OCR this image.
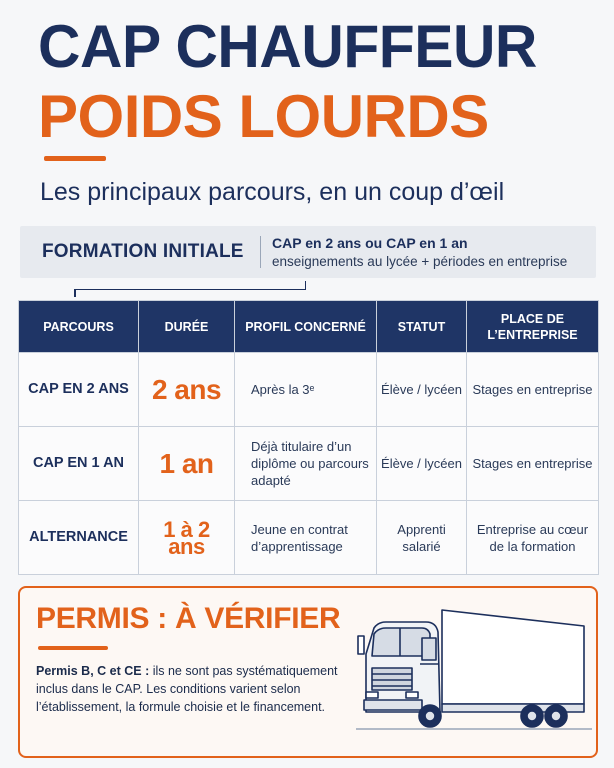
CAP CHAUFFEUR
POIDS LOURDS
Les principaux parcours, en un coup d’œil
FORMATION INITIALE CAP en 2 ans ou CAP en 1 an
enseignements au lycée + périodes en entreprise
PARCOURS	DURÉE	PROFIL CONCERNÉ	STATUT	PLACE DE L’ENTREPRISE
CAP EN 2 ANS	2 ans	Après la 3ᵉ	Élève / lycéen	Stages en entreprise
CAP EN 1 AN	1 an	Déjà titulaire d’un diplôme ou parcours adapté	Élève / lycéen	Stages en entreprise
ALTERNANCE	1 à 2 ans	Jeune en contrat d’apprentissage	Apprenti salarié	Entreprise au cœur de la formation
PERMIS : À VÉRIFIER
Permis B, C et CE : ils ne sont pas systématiquement inclus dans le CAP. Les conditions varient selon l’établissement, la formule choisie et le financement.
